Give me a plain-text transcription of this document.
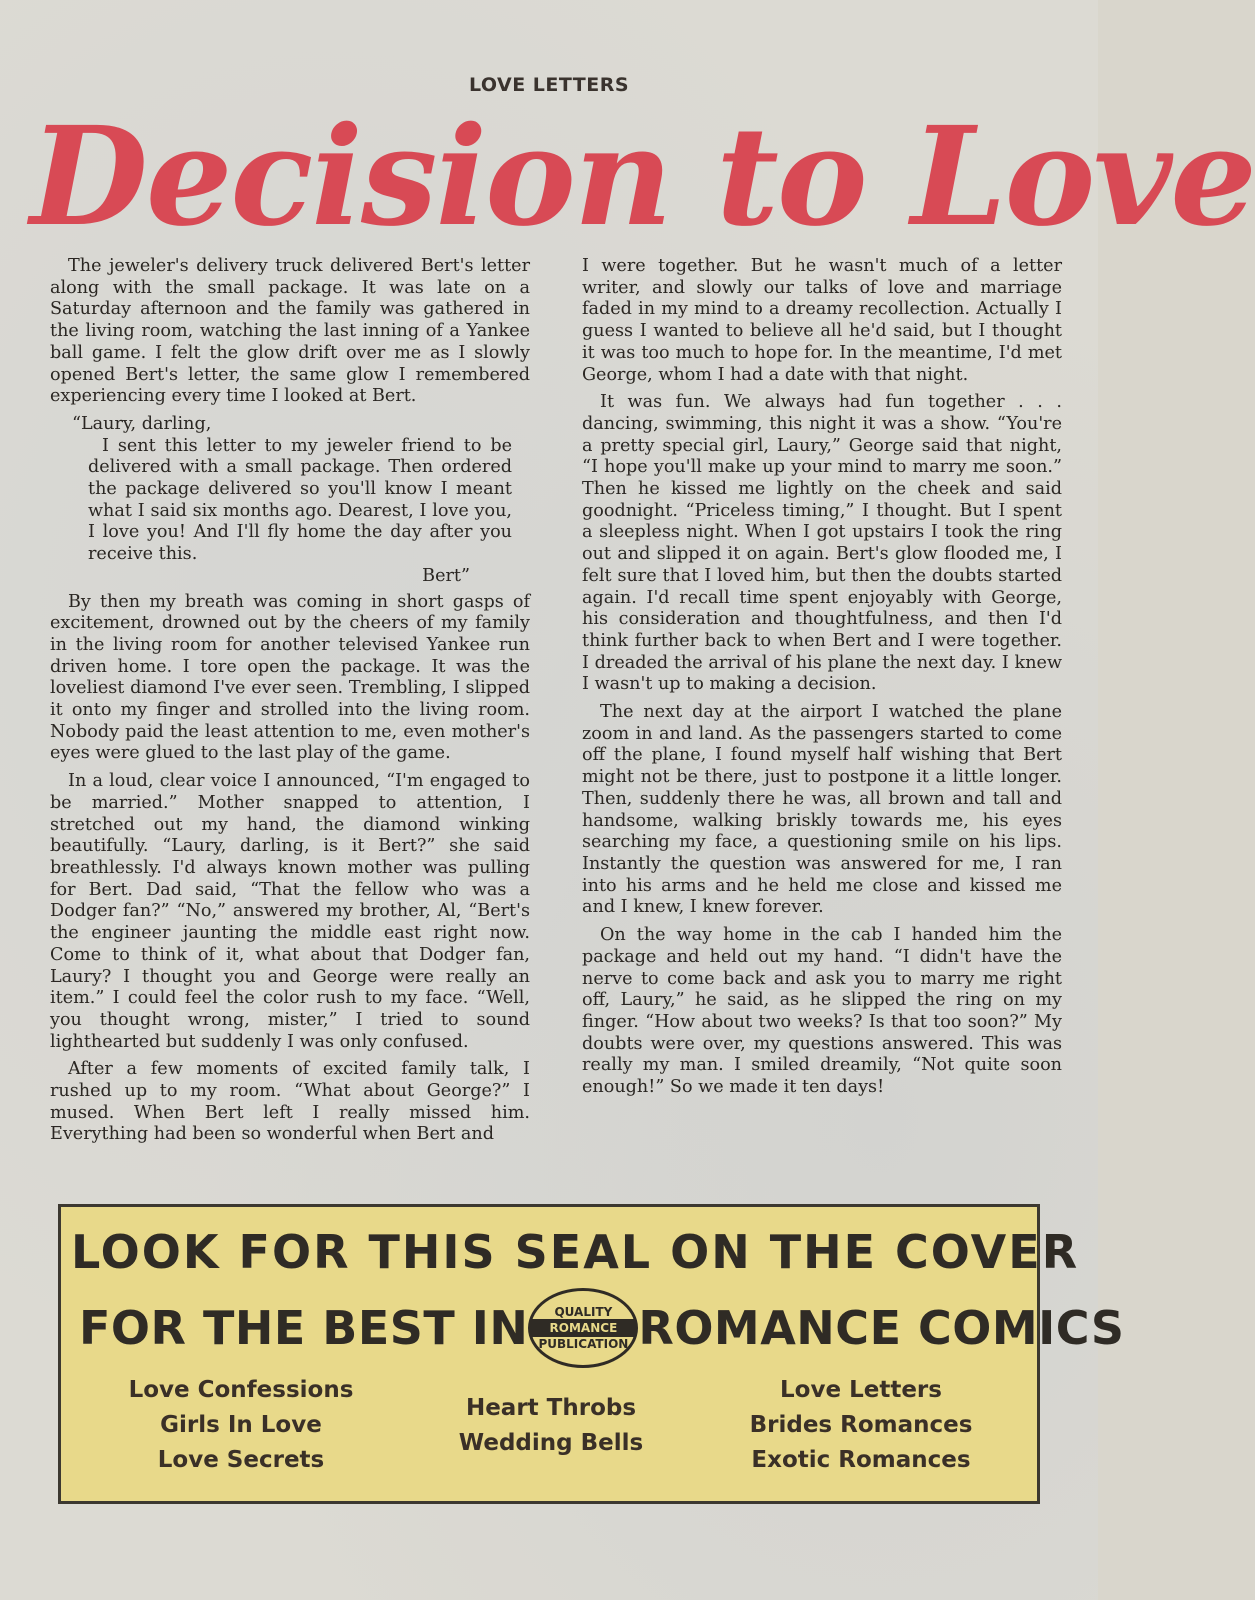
LOVE LETTERS
Decision to Love

The jeweler's delivery truck delivered Bert's letter along with the small package. It was late on a Saturday afternoon and the family was gathered in the living room, watching the last inning of a Yankee ball game. I felt the glow drift over me as I slowly opened Bert's letter, the same glow I remembered experiencing every time I looked at Bert.

“Laury, darling,

I sent this letter to my jeweler friend to be delivered with a small package. Then ordered the package delivered so you'll know I meant what I said six months ago. Dearest, I love you, I love you! And I'll fly home the day after you receive this.

Bert”

By then my breath was coming in short gasps of excitement, drowned out by the cheers of my family in the living room for another televised Yankee run driven home. I tore open the package. It was the loveliest diamond I've ever seen. Trembling, I slipped it onto my finger and strolled into the living room. Nobody paid the least attention to me, even mother's eyes were glued to the last play of the game.

In a loud, clear voice I announced, “I'm engaged to be married.” Mother snapped to attention, I stretched out my hand, the diamond winking beautifully. “Laury, darling, is it Bert?” she said breathlessly. I'd always known mother was pulling for Bert. Dad said, “That the fellow who was a Dodger fan?” “No,” answered my brother, Al, “Bert's the engineer jaunting the middle east right now. Come to think of it, what about that Dodger fan, Laury? I thought you and George were really an item.” I could feel the color rush to my face. “Well, you thought wrong, mister,” I tried to sound lighthearted but suddenly I was only confused.

After a few moments of excited family talk, I rushed up to my room. “What about George?” I mused. When Bert left I really missed him. Everything had been so wonderful when Bert and

I were together. But he wasn't much of a letter writer, and slowly our talks of love and marriage faded in my mind to a dreamy recollection. Actually I guess I wanted to believe all he'd said, but I thought it was too much to hope for. In the meantime, I'd met George, whom I had a date with that night.

It was fun. We always had fun together . . . dancing, swimming, this night it was a show. “You're a pretty special girl, Laury,” George said that night, “I hope you'll make up your mind to marry me soon.” Then he kissed me lightly on the cheek and said goodnight. “Priceless timing,” I thought. But I spent a sleepless night. When I got upstairs I took the ring out and slipped it on again. Bert's glow flooded me, I felt sure that I loved him, but then the doubts started again. I'd recall time spent enjoyably with George, his consideration and thoughtfulness, and then I'd think further back to when Bert and I were together. I dreaded the arrival of his plane the next day. I knew I wasn't up to making a decision.

The next day at the airport I watched the plane zoom in and land. As the passengers started to come off the plane, I found myself half wishing that Bert might not be there, just to postpone it a little longer. Then, suddenly there he was, all brown and tall and handsome, walking briskly towards me, his eyes searching my face, a questioning smile on his lips. Instantly the question was answered for me, I ran into his arms and he held me close and kissed me and I knew, I knew forever.

On the way home in the cab I handed him the package and held out my hand. “I didn't have the nerve to come back and ask you to marry me right off, Laury,” he said, as he slipped the ring on my finger. “How about two weeks? Is that too soon?” My doubts were over, my questions answered. This was really my man. I smiled dreamily, “Not quite soon enough!” So we made it ten days!

LOOK FOR THIS SEAL ON THE COVER
FOR THE BEST IN QUALITY
ROMANCE
PUBLICATION ROMANCE COMICS
Love Confessions
Girls In Love
Love Secrets
Heart Throbs
Wedding Bells
Love Letters
Brides Romances
Exotic Romances
